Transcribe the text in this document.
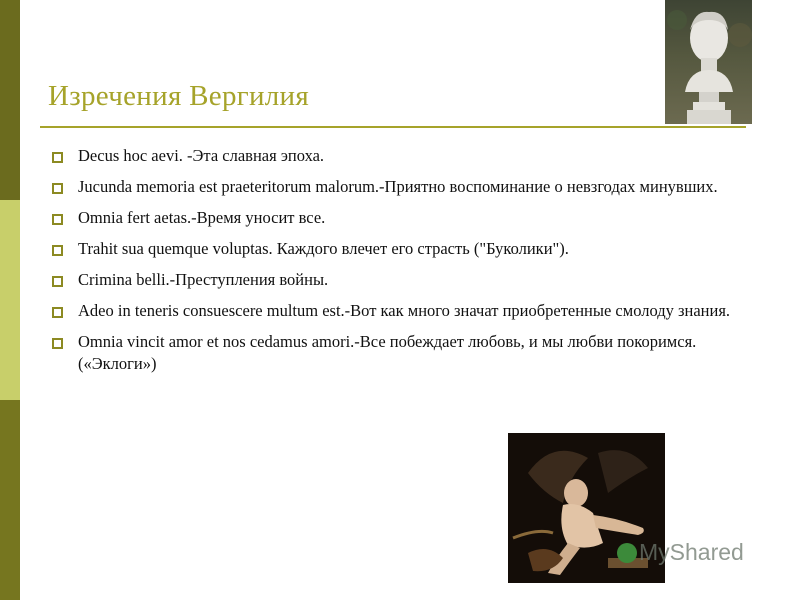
Изречения Вергилия
Decus hoc aevi. -Эта славная эпоха.
Jucunda memoria est praeteritorum malorum.-Приятно воспоминание о невзгодах минувших.
Omnia fert aetas.-Время уносит все.
Trahit sua quemque voluptas. Каждого влечет его страсть ("Буколики").
Crimina belli.-Преступления войны.
Adeo in teneris consuescere multum est.-Вот как много значат приобретенные смолоду знания.
Omnia vincit amor et nos cedamus amori.-Все побеждает любовь, и мы любви покоримся.(«Эклоги»)
MyShared
